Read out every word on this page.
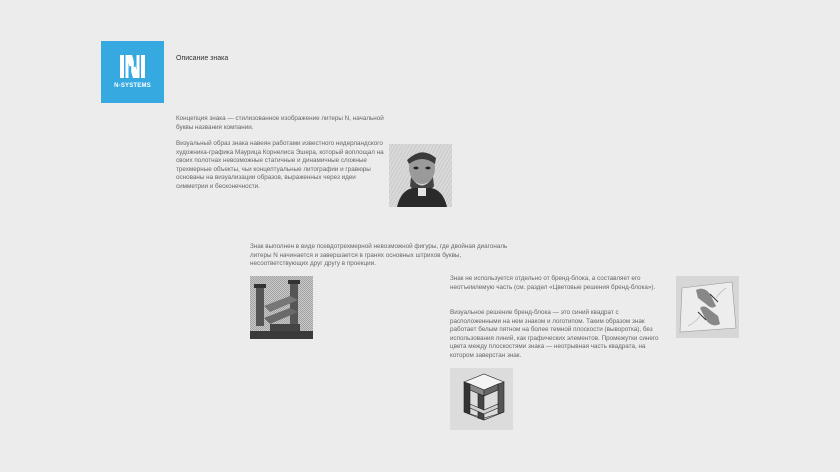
N-SYSTEMS
Описание знака

Концепция знака — стилизованное изображение литеры N, начальной буквы названия компании.

Визуальный образ знака навеян работами известного нидерландского художника-графика Маурица Корнелиса Эшера, который воплощал на своих полотнах невозможные статичные и динамичные сложные трехмерные объекты, чьи концептуальные литографии и гравюры основаны на визуализации образов, выраженных через идеи симметрии и бесконечности.

Знак выполнен в виде псевдотрехмерной невозможной фигуры, где двойная диагональ литеры N начинается и завершается в гранях основных штрихов буквы, несоответствующих друг другу в проекции.

Знак не используется отдельно от бренд-блока, а составляет его неотъемлемую часть (см. раздел «Цветовые решения бренд-блока»).

Визуальное решение бренд-блока — это синий квадрат с расположенными на нем знаком и логотипом. Таким образом знак работает белым пятном на более темной плоскости (вывороткa), без использования линий, как графических элементов. Промежутки синего цвета между плоскостями знака — неотрывная часть квадрата, на котором заверстан знак.
